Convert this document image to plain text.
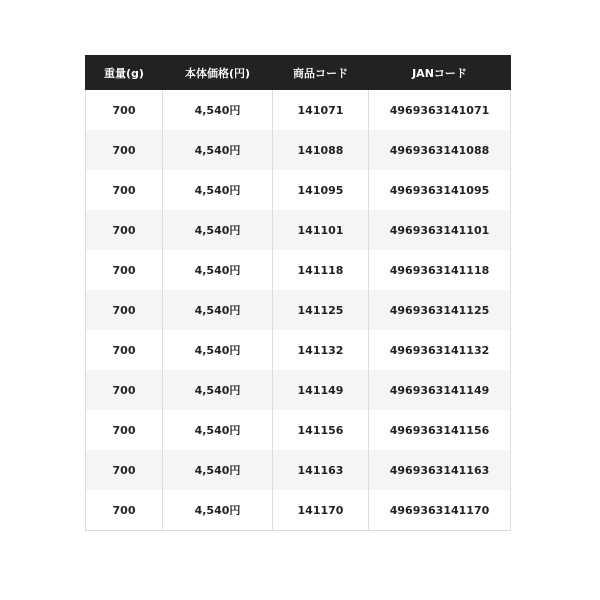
重量(g)	本体価格(円)	商品コード	JANコード
700	4,540円	141071	4969363141071
700	4,540円	141088	4969363141088
700	4,540円	141095	4969363141095
700	4,540円	141101	4969363141101
700	4,540円	141118	4969363141118
700	4,540円	141125	4969363141125
700	4,540円	141132	4969363141132
700	4,540円	141149	4969363141149
700	4,540円	141156	4969363141156
700	4,540円	141163	4969363141163
700	4,540円	141170	4969363141170
